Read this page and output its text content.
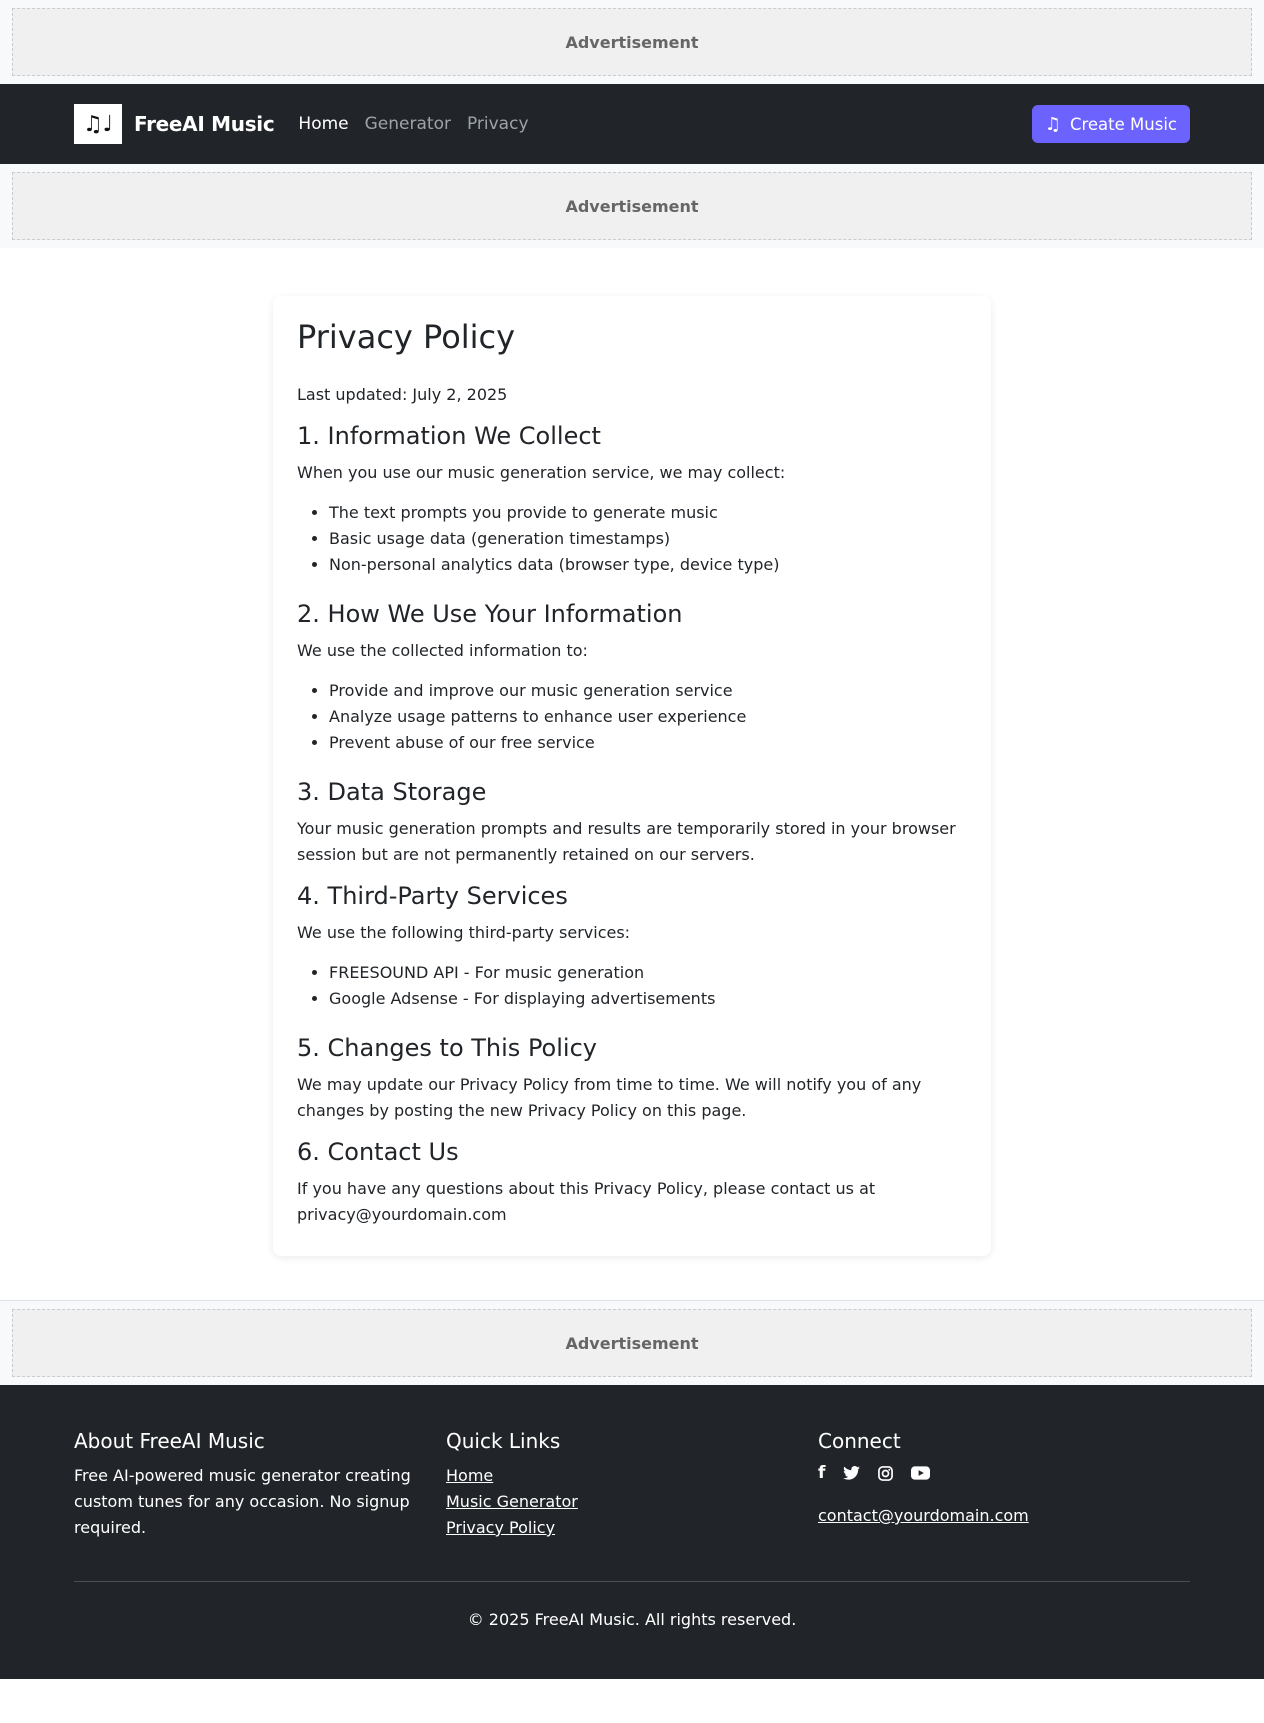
Advertisement
♫♩	FreeAI Music Home Generator Privacy	♫ Create Music
Advertisement
Privacy Policy

Last updated: July 2, 2025

1. Information We Collect

When you use our music generation service, we may collect:

• The text prompts you provide to generate music
• Basic usage data (generation timestamps)
• Non-personal analytics data (browser type, device type)
2. How We Use Your Information

We use the collected information to:

• Provide and improve our music generation service
• Analyze usage patterns to enhance user experience
• Prevent abuse of our free service
3. Data Storage

Your music generation prompts and results are temporarily stored in your browser session but are not permanently retained on our servers.

4. Third-Party Services

We use the following third-party services:

• FREESOUND API - For music generation
• Google Adsense - For displaying advertisements
5. Changes to This Policy

We may update our Privacy Policy from time to time. We will notify you of any changes by posting the new Privacy Policy on this page.

6. Contact Us

If you have any questions about this Privacy Policy, please contact us at privacy@yourdomain.com

Advertisement
About FreeAI Music

Free AI-powered music generator creating custom tunes for any occasion. No signup required.

Quick Links
Home
Music Generator
Privacy Policy
Connect
f
contact@yourdomain.com

© 2025 FreeAI Music. All rights reserved.
